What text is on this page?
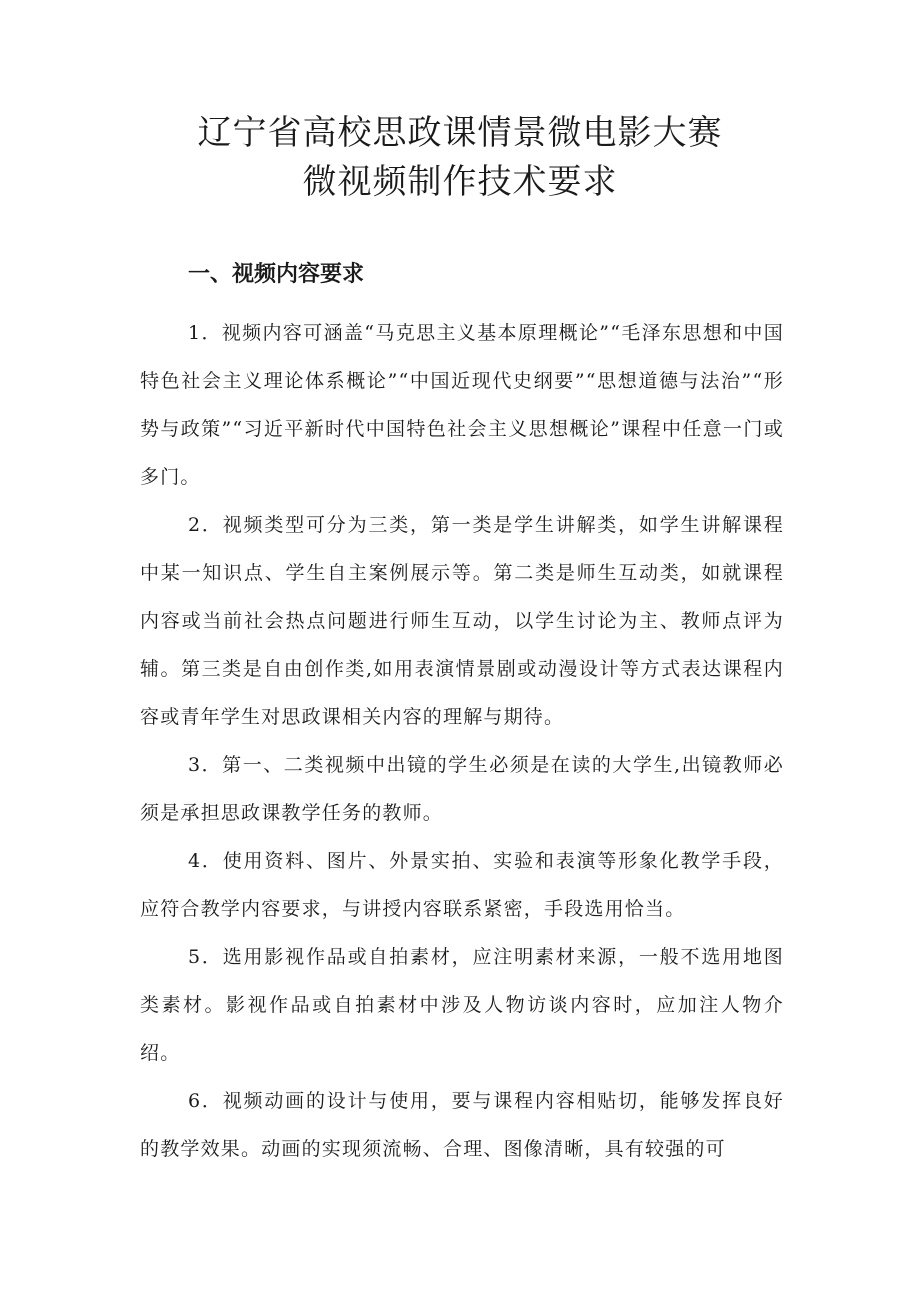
辽宁省高校思政课情景微电影大赛
微视频制作技术要求
一、视频内容要求

1．视频内容可涵盖“马克思主义基本原理概论”“毛泽东思想和中国特色社会主义理论体系概论”“中国近现代史纲要”“思想道德与法治”“形势与政策”“习近平新时代中国特色社会主义思想概论”课程中任意一门或多门。

2．视频类型可分为三类，第一类是学生讲解类，如学生讲解课程中某一知识点、学生自主案例展示等。第二类是师生互动类，如就课程内容或当前社会热点问题进行师生互动，以学生讨论为主、教师点评为辅。第三类是自由创作类,如用表演情景剧或动漫设计等方式表达课程内容或青年学生对思政课相关内容的理解与期待。

3．第一、二类视频中出镜的学生必须是在读的大学生,出镜教师必须是承担思政课教学任务的教师。

4．使用资料、图片、外景实拍、实验和表演等形象化教学手段，应符合教学内容要求，与讲授内容联系紧密，手段选用恰当。

5．选用影视作品或自拍素材，应注明素材来源，一般不选用地图类素材。影视作品或自拍素材中涉及人物访谈内容时，应加注人物介绍。

6．视频动画的设计与使用，要与课程内容相贴切，能够发挥良好的教学效果。动画的实现须流畅、合理、图像清晰，具有较强的可
